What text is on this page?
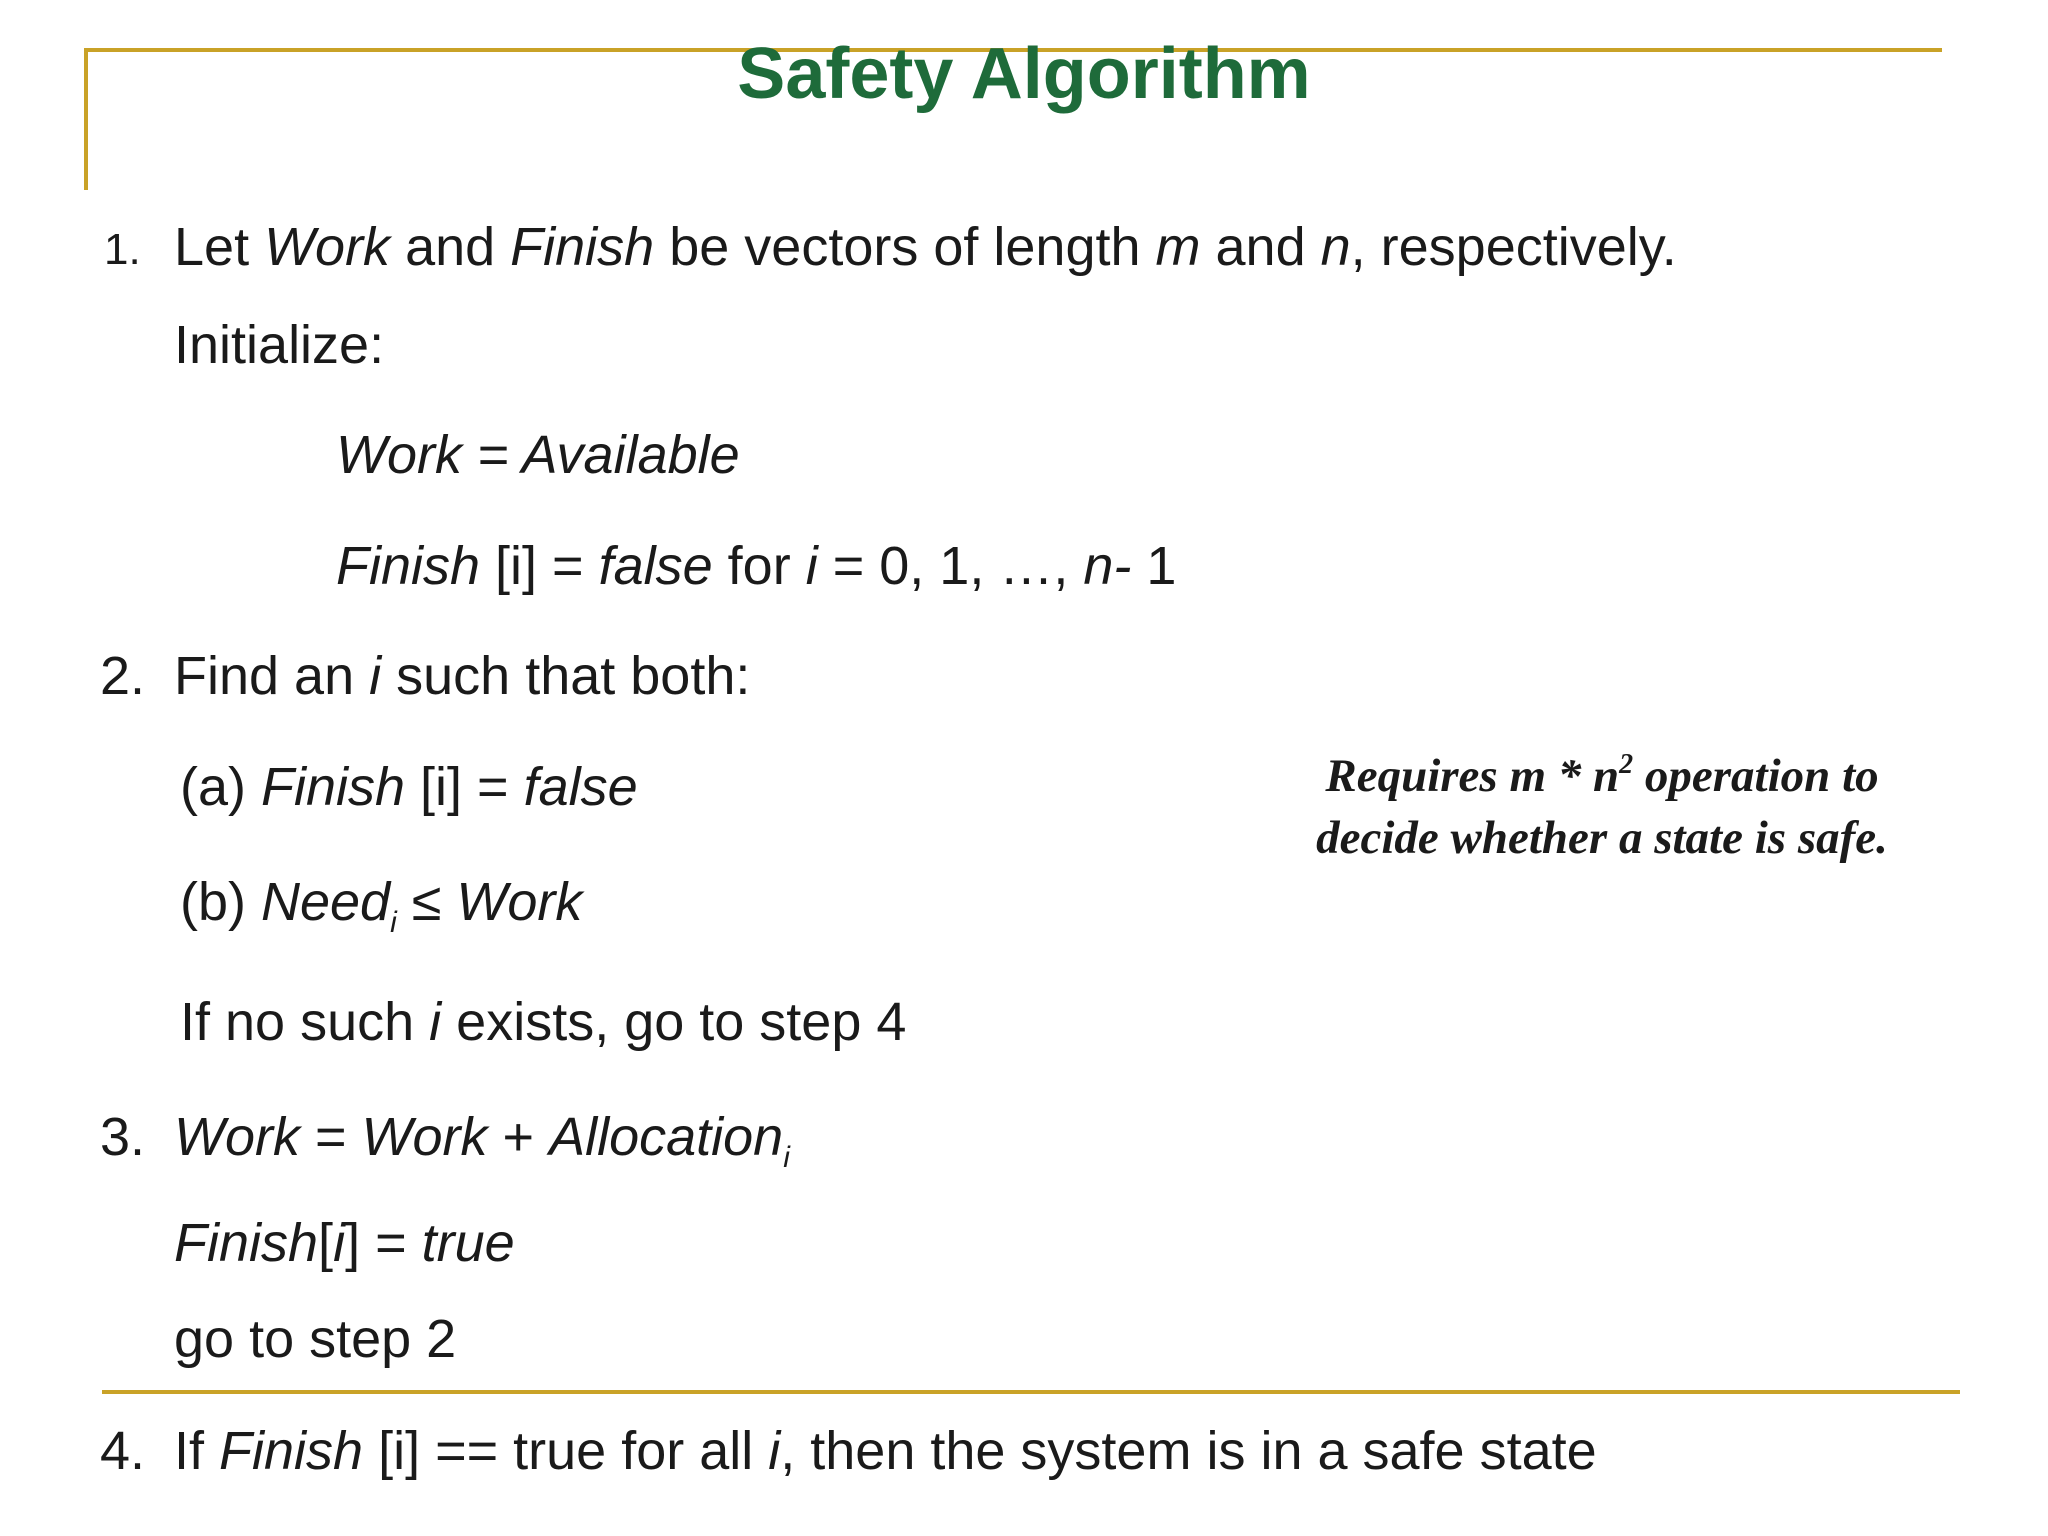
Safety Algorithm
1. Let Work and Finish be vectors of length m and n, respectively.
Initialize:
Work = Available
Finish [i] = false for i = 0, 1, …, n- 1
2. Find an i such that both:
(a) Finish [i] = false
(b) Need$_i$ ≤ Work
If no such i exists, go to step 4
3. Work = Work + Allocation$_i$
Finish[i] = true
go to step 2
4. If Finish [i] == true for all i, then the system is in a safe state
Requires m * $n^2$ operation to
decide whether a state is safe.
